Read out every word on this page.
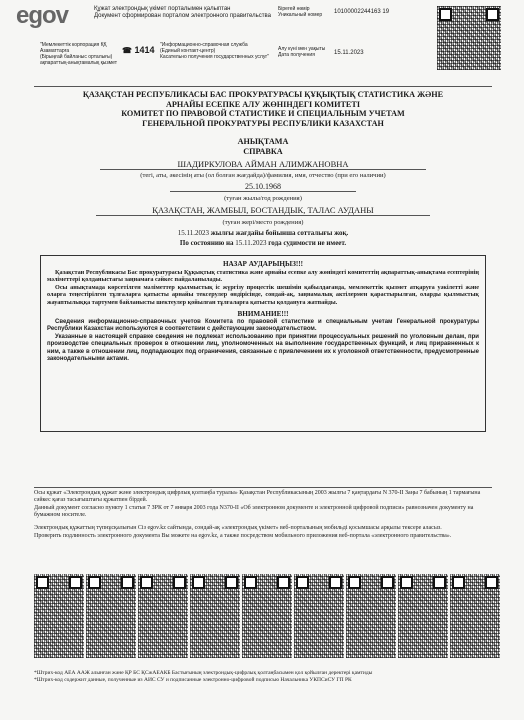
egov	Құжат электрондық үкімет порталымен қалыптан
Документ сформирован порталом электронного правительства
"Мемлекеттік корпорация ҚҚ Азаматтарға
(Бірыңғай байланыс орталығы)
ақпараттық-анықтамалық қызмет
☎ 1414 "Информационно-справочная служба
(Единый контакт-центр)
Касательно получения государственных услуг"
Бірегей нөмір
Уникальный номер	10100002244163 19
Алу күні мен уақыты
Дата получения	15.11.2023
ҚАЗАҚСТАН РЕСПУБЛИКАСЫ БАС ПРОКУРАТУРАСЫ ҚҰҚЫҚТЫҚ СТАТИСТИКА ЖӘНЕ
АРНАЙЫ ЕСЕПКЕ АЛУ ЖӨНІНДЕГІ КОМИТЕТІ
КОМИТЕТ ПО ПРАВОВОЙ СТАТИСТИКЕ И СПЕЦИАЛЬНЫМ УЧЕТАМ
ГЕНЕРАЛЬНОЙ ПРОКУРАТУРЫ РЕСПУБЛИКИ КАЗАХСТАН
АНЫҚТАМА
СПРАВКА
ШАДИРКУЛОВА АЙМАН АЛИМЖАНОВНА
(тегі, аты, әкесінің аты (ол болған жағдайда)/фамилия, имя, отчество (при его наличии)
25.10.1968
(туған жылы/год рождения)
ҚАЗАҚСТАН, ЖАМБЫЛ, БОСТАНДЫК, ТАЛАС АУДАНЫ
(туған жері/место рождения)
15.11.2023 жылғы жағдайы бойынша сотталығы жоқ.
По состоянию на 15.11.2023 года судимости не имеет.
НАЗАР АУДАРЫҢЫЗ!!!
Қазақстан Республикасы Бас прокуратурасы Құқықтық статистика және арнайы есепке алу жөніндегі комитеттің ақпараттық-анықтама есептерінің мәліметтері қолданыстағы заңнамаға сәйкес пайдаланылады.
Осы анықтамада көрсетілген мәліметтер қылмыстық іс жүргізу процестік шешімін қабылдағанда, мемлекеттік қызмет атқаруға уәкілетті және оларға теңестірілген тұлғаларға қатысты арнайы тексерулер өндірісінде, сондай-ақ, заңнамалық актілермен қарастырылған, оларды қылмыстық жауаптылыққа тартумен байланысты шектеулер қойылған тұлғаларға қатысты қолдануға жатпайды.
ВНИМАНИЕ!!!
Сведения информационно-справочных учетов Комитета по правовой статистике и специальным учетам Генеральной прокуратуры Республики Казахстан используются в соответствии с действующим законодательством.
Указанные в настоящей справке сведения не подлежат использованию при принятии процессуальных решений по уголовным делам, при производстве специальных проверок в отношении лиц, уполномоченных на выполнение государственных функций, и лиц приравненных к ним, а также в отношении лиц, подпадающих под ограничения, связанные с привлечением их к уголовной ответственности, предусмотренные законодательными актами.
Осы құжат «Электрондық құжат және электрондық цифрлық қолтаңба туралы» Қазақстан Республикасының 2003 жылғы 7 қаңтардағы N 370-II Заңы 7 бабының 1 тармағына сәйкес қағаз тасығыштағы құжатпен бірдей.
Данный документ согласно пункту 1 статьи 7 ЗРК от 7 января 2003 года N370-II «Об электронном документе и электронной цифровой подписи» равнозначен документу на бумажном носителе.
Электрондық құжаттың түпнұсқалығын Сіз egov.kz сайтында, сондай-ақ «электрондық үкімет» веб-порталының мобильді қосымшасы арқылы тексере аласыз.
Проверить подлинность электронного документа Вы можете на egov.kz, а также посредством мобильного приложения веб-портала «электронного правительства».
*Штрих-код АЕА ААЖ алынған және ҚР БС ҚСжАЕАКБ Бастығының электрондық-цифрлық қолтаңбасымен қол қойылған деректері қамтиды
*Штрих-код содержит данные, полученные из АИС СУ и подписанные электронно-цифровой подписью Начальника УКПСиСУ ГП РК
